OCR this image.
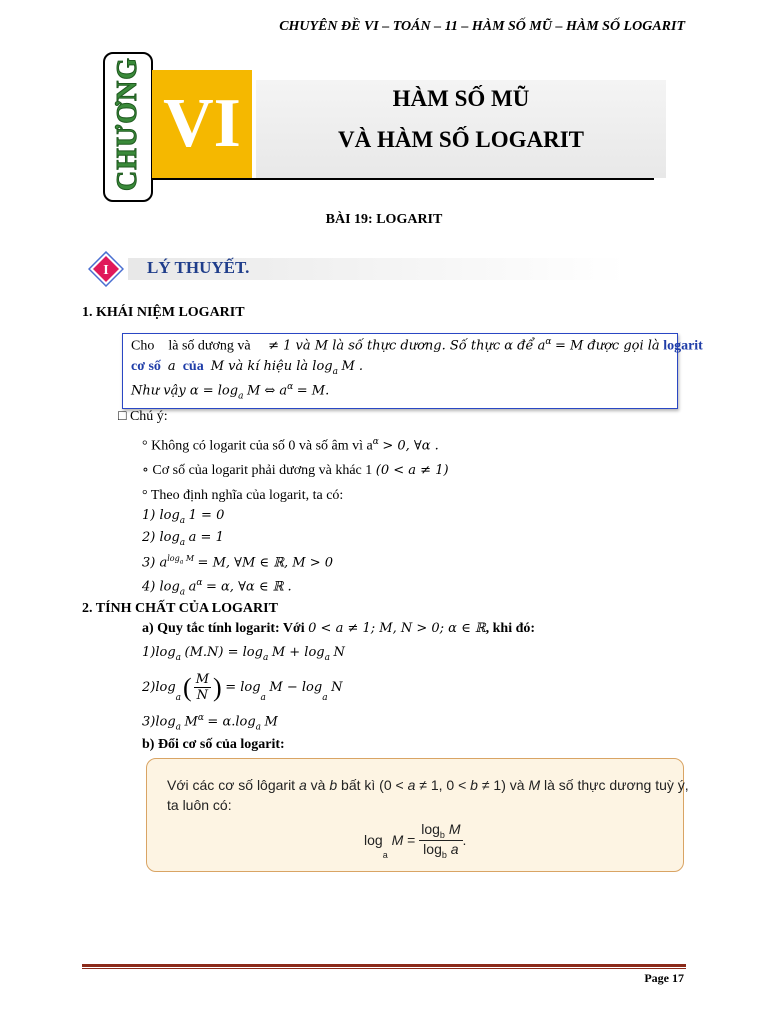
CHUYÊN ĐỀ VI – TOÁN – 11 – HÀM SỐ MŨ – HÀM SỐ LOGARIT
CHƯƠNG VI	HÀM SỐ MŨ
VÀ HÀM SỐ LOGARIT
BÀI 19: LOGARIT
I LÝ THUYẾT.
1. KHÁI NIỆM LOGARIT
Cho là số dương và ≠ 1 và M là số thực dương. Số thực α để $a^\alpha = M$ được gọi là logarit
cơ số a của M và kí hiệu là $\log_a M$ .
Như vậy $\alpha = \log_a M$ ⇔ $a^\alpha = M$.
□ Chú ý:
° Không có logarit của số 0 và số âm vì $a^\alpha > 0$, ∀α .
∘ Cơ số của logarit phải dương và khác 1 (0 < a ≠ 1)
° Theo định nghĩa của logarit, ta có:
1) $\log_a 1 = 0$
2) $\log_a a = 1$
3) $a^{log_a M} = M$, ∀M ∈ ℝ, M > 0
4) $\log_a a^\alpha = \alpha$, ∀α ∈ ℝ .
2. TÍNH CHẤT CỦA LOGARIT
a) Quy tắc tính logarit: Với 0 < a ≠ 1; M, N > 0; α ∈ ℝ, khi đó:
$1)\log_a$ $(M.N) = \log_a M + \log_a N$
2)log
$_a$ ( M
N )
= log
$_a$

M − log
$_a$

N
$3)\log_a$ $M^\alpha = \alpha.\log_a$ M
b) Đổi cơ số của logarit:
Với các cơ số lôgarit a và b bất kì (0 < a ≠ 1, 0 < b ≠ 1) và M là số thực dương tuỳ ý,
ta luôn có:
log
a

M =
$\log_b M$
$\log_b a$
.
Page 17
